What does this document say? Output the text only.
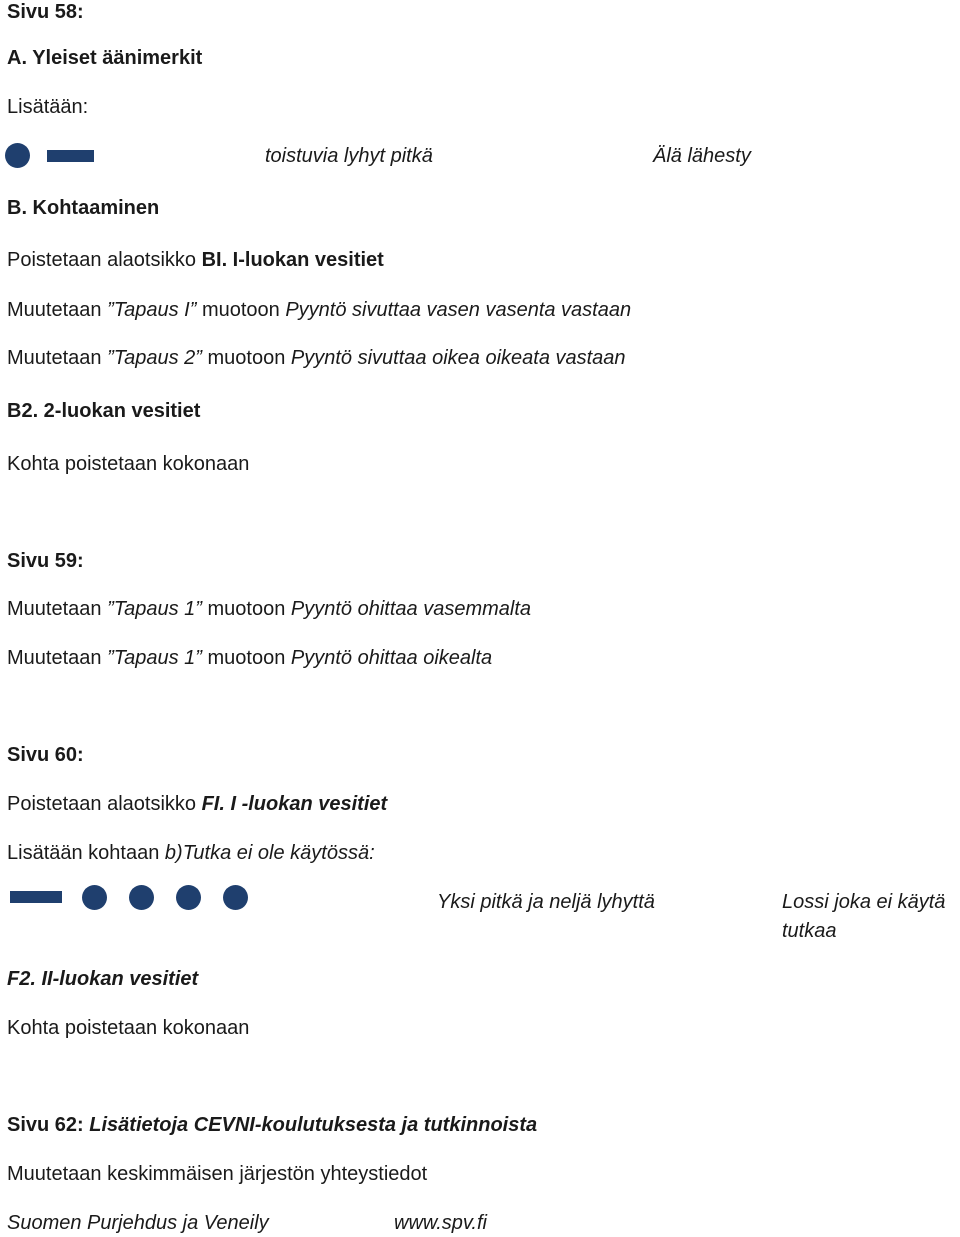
Sivu 58:
A. Yleiset äänimerkit
Lisätään:
toistuvia lyhyt pitkä	Älä lähesty
B. Kohtaaminen
Poistetaan alaotsikko BI. I-luokan vesitiet
Muutetaan ”Tapaus I” muotoon Pyyntö sivuttaa vasen vasenta vastaan
Muutetaan ”Tapaus 2” muotoon Pyyntö sivuttaa oikea oikeata vastaan
B2. 2-luokan vesitiet
Kohta poistetaan kokonaan
Sivu 59:
Muutetaan ”Tapaus 1” muotoon Pyyntö ohittaa vasemmalta
Muutetaan ”Tapaus 1” muotoon Pyyntö ohittaa oikealta
Sivu 60:
Poistetaan alaotsikko FI. I -luokan vesitiet
Lisätään kohtaan b)Tutka ei ole käytössä:
Yksi pitkä ja neljä lyhyttä	Lossi joka ei käytä
tutkaa
F2. II-luokan vesitiet
Kohta poistetaan kokonaan
Sivu 62: Lisätietoja CEVNI-koulutuksesta ja tutkinnoista
Muutetaan keskimmäisen järjestön yhteystiedot
Suomen Purjehdus ja Veneily	www.spv.fi
